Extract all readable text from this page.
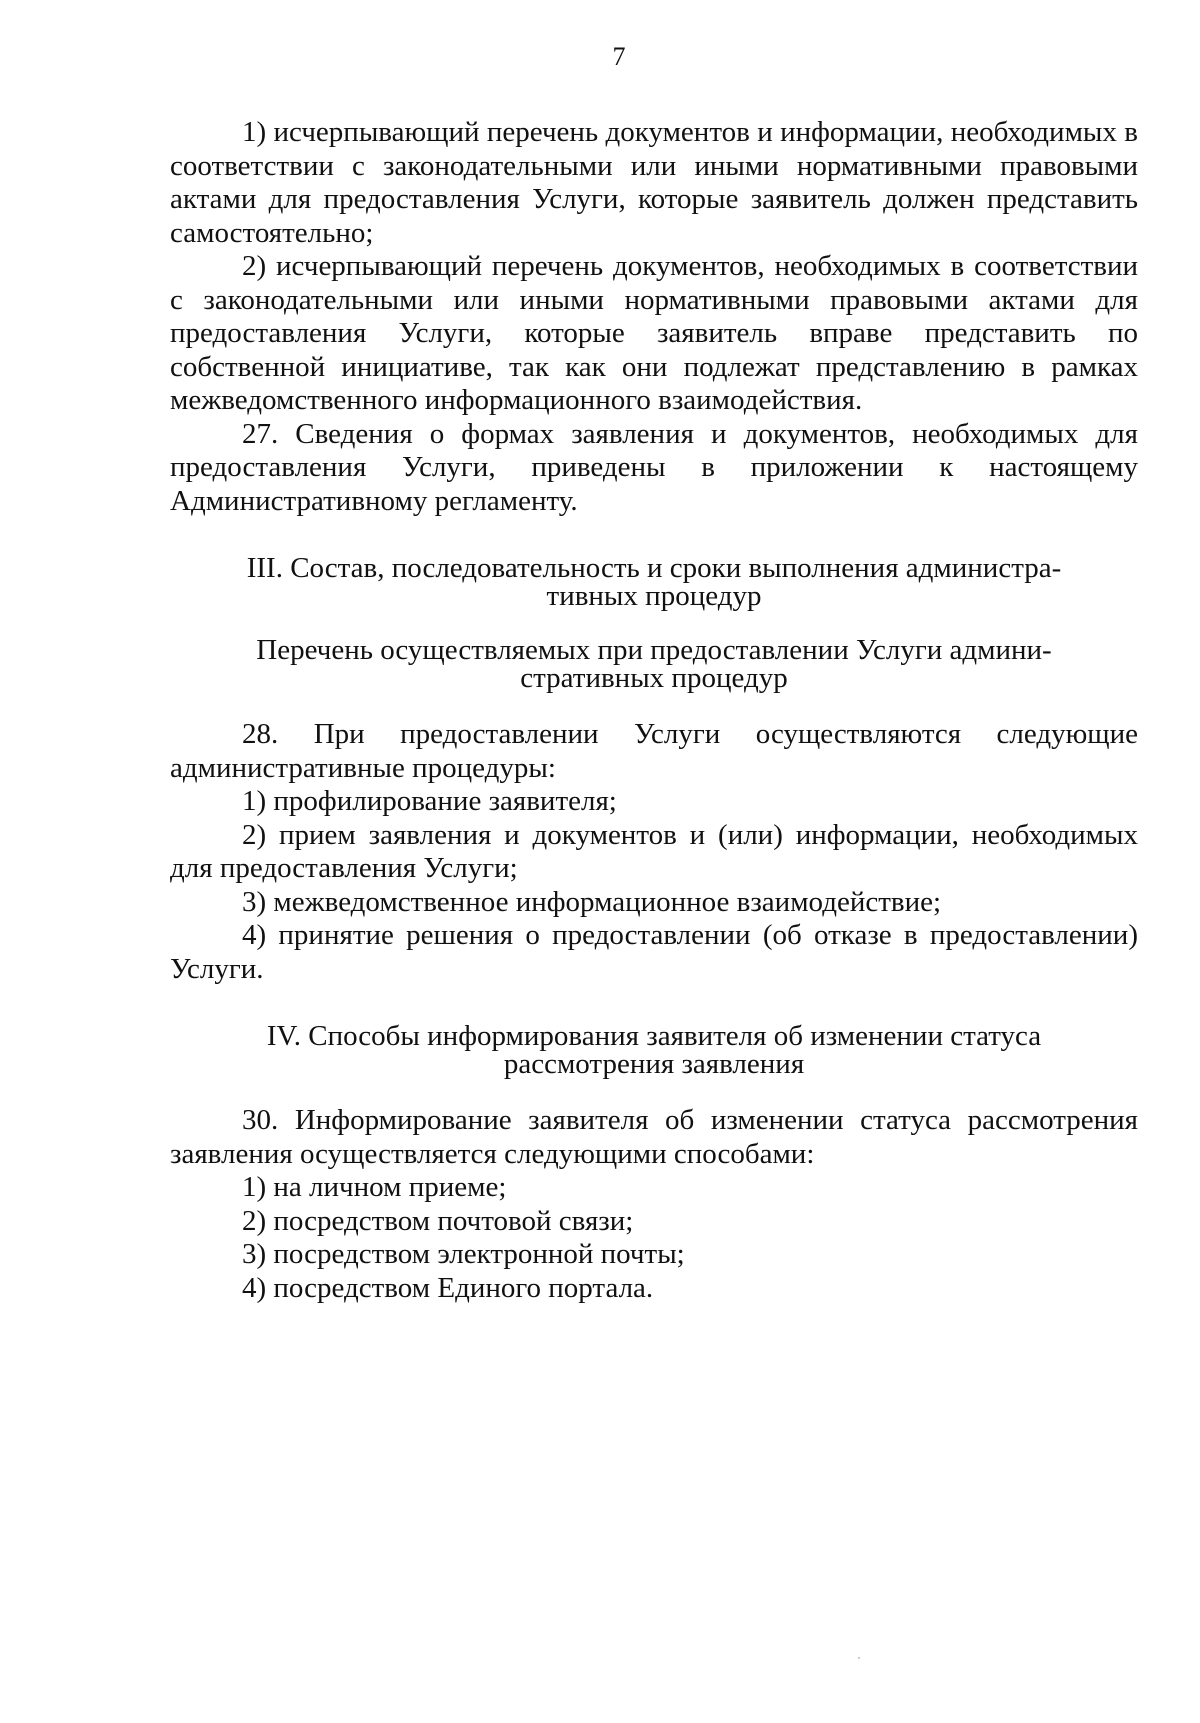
7

1) исчерпывающий перечень документов и информации, необходимых в соответствии с законодательными или иными нормативными правовыми актами для предоставления Услуги, которые заявитель должен представить самостоятельно;

2) исчерпывающий перечень документов, необходимых в соответствии с законодательными или иными нормативными правовыми актами для предоставления Услуги, которые заявитель вправе представить по собственной инициативе, так как они подлежат представлению в рамках межведомственного информационного взаимодействия.

27. Сведения о формах заявления и документов, необходимых для предоставления Услуги, приведены в приложении к настоящему Административному регламенту.

III. Состав, последовательность и сроки выполнения администра-

тивных процедур

Перечень осуществляемых при предоставлении Услуги админи-

стративных процедур

28. При предоставлении Услуги осуществляются следующие административные процедуры:

1) профилирование заявителя;

2) прием заявления и документов и (или) информации, необходимых для предоставления Услуги;

3) межведомственное информационное взаимодействие;

4) принятие решения о предоставлении (об отказе в предоставлении) Услуги.

IV. Способы информирования заявителя об изменении статуса

рассмотрения заявления

30. Информирование заявителя об изменении статуса рассмотрения заявления осуществляется следующими способами:

1) на личном приеме;

2) посредством почтовой связи;

3) посредством электронной почты;

4) посредством Единого портала.
